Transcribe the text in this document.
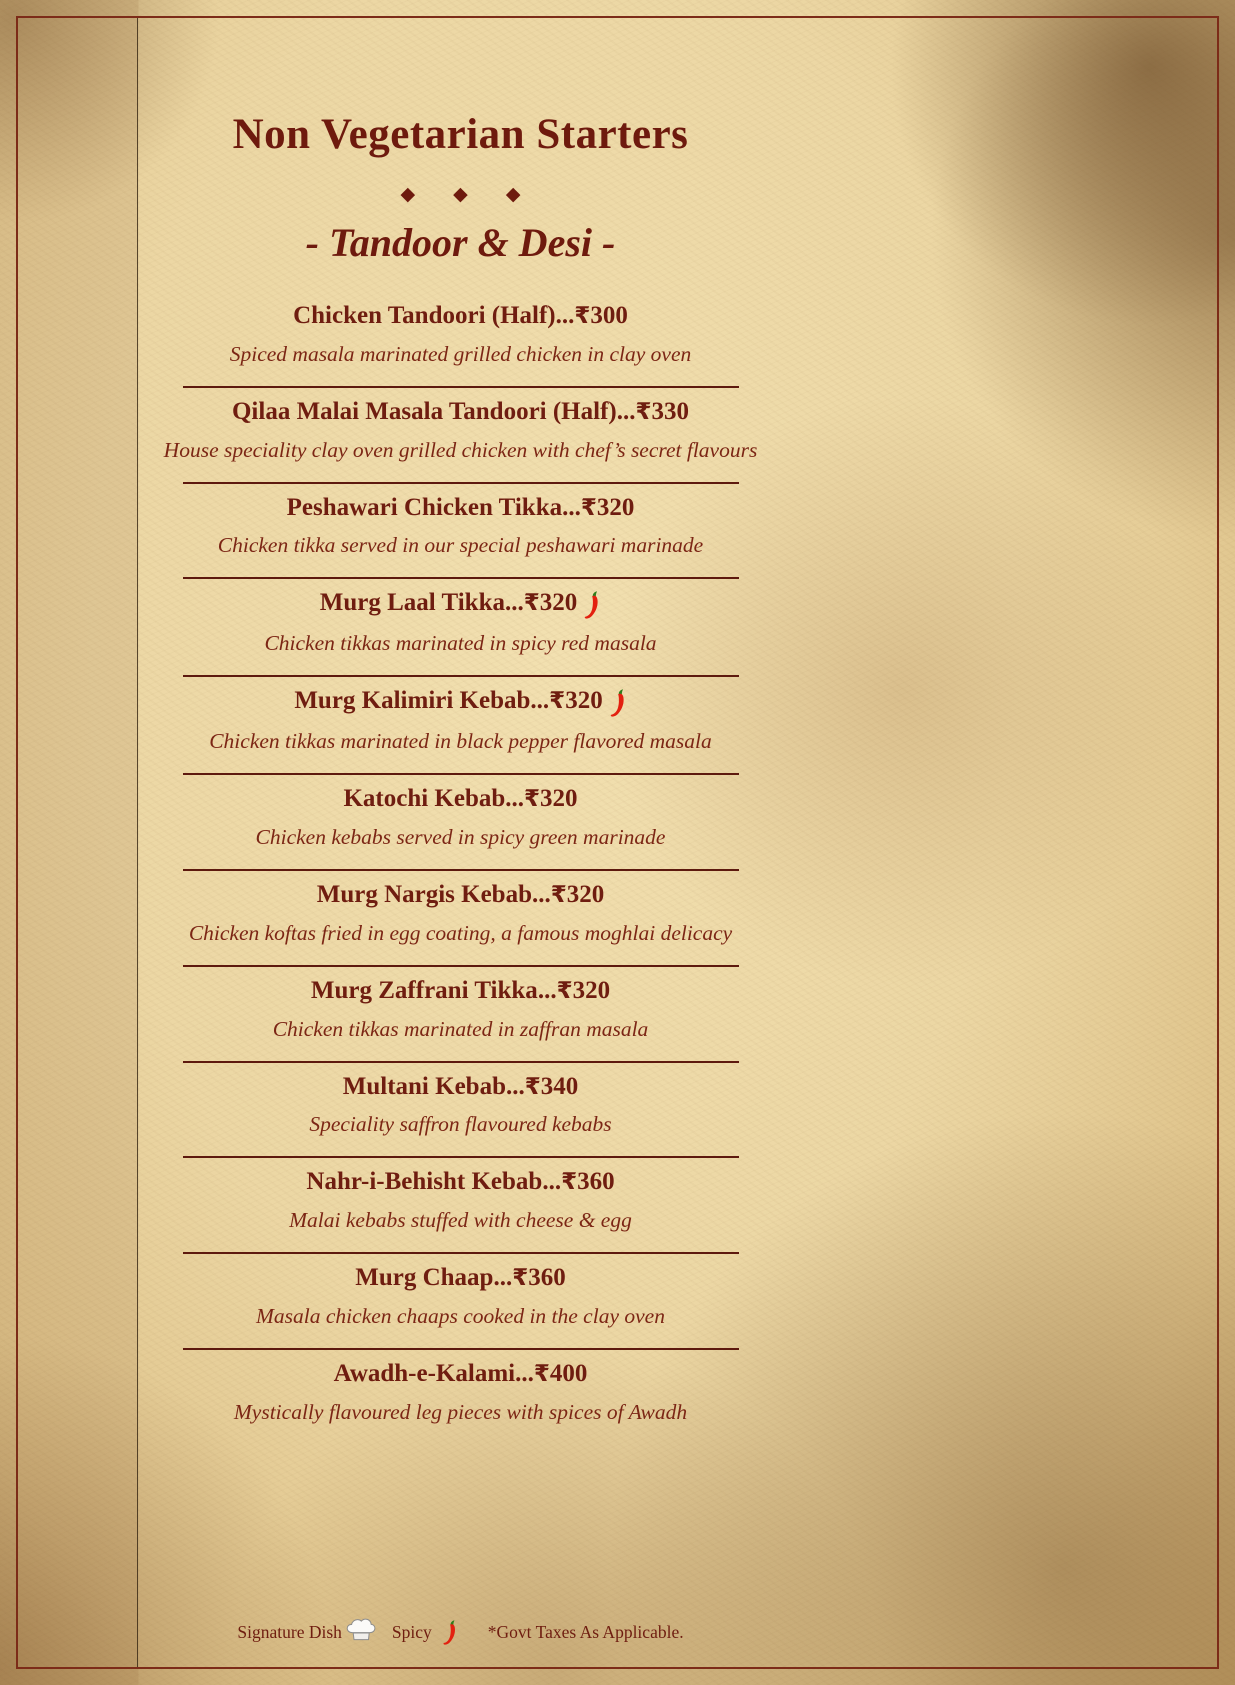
Non Vegetarian Starters
◆ ◆ ◆
- Tandoor & Desi -
Chicken Tandoori (Half)...₹300
Spiced masala marinated grilled chicken in clay oven
Qilaa Malai Masala Tandoori (Half)...₹330
House speciality clay oven grilled chicken with chef’s secret flavours
Peshawari Chicken Tikka...₹320
Chicken tikka served in our special peshawari marinade
Murg Laal Tikka...₹320
Chicken tikkas marinated in spicy red masala
Murg Kalimiri Kebab...₹320
Chicken tikkas marinated in black pepper flavored masala
Katochi Kebab...₹320
Chicken kebabs served in spicy green marinade
Murg Nargis Kebab...₹320
Chicken koftas fried in egg coating, a famous moghlai delicacy
Murg Zaffrani Tikka...₹320
Chicken tikkas marinated in zaffran masala
Multani Kebab...₹340
Speciality saffron flavoured kebabs
Nahr-i-Behisht Kebab...₹360
Malai kebabs stuffed with cheese & egg
Murg Chaap...₹360
Masala chicken chaaps cooked in the clay oven
Awadh-e-Kalami...₹400
Mystically flavoured leg pieces with spices of Awadh
Signature Dish	Spicy	*Govt Taxes As Applicable.
